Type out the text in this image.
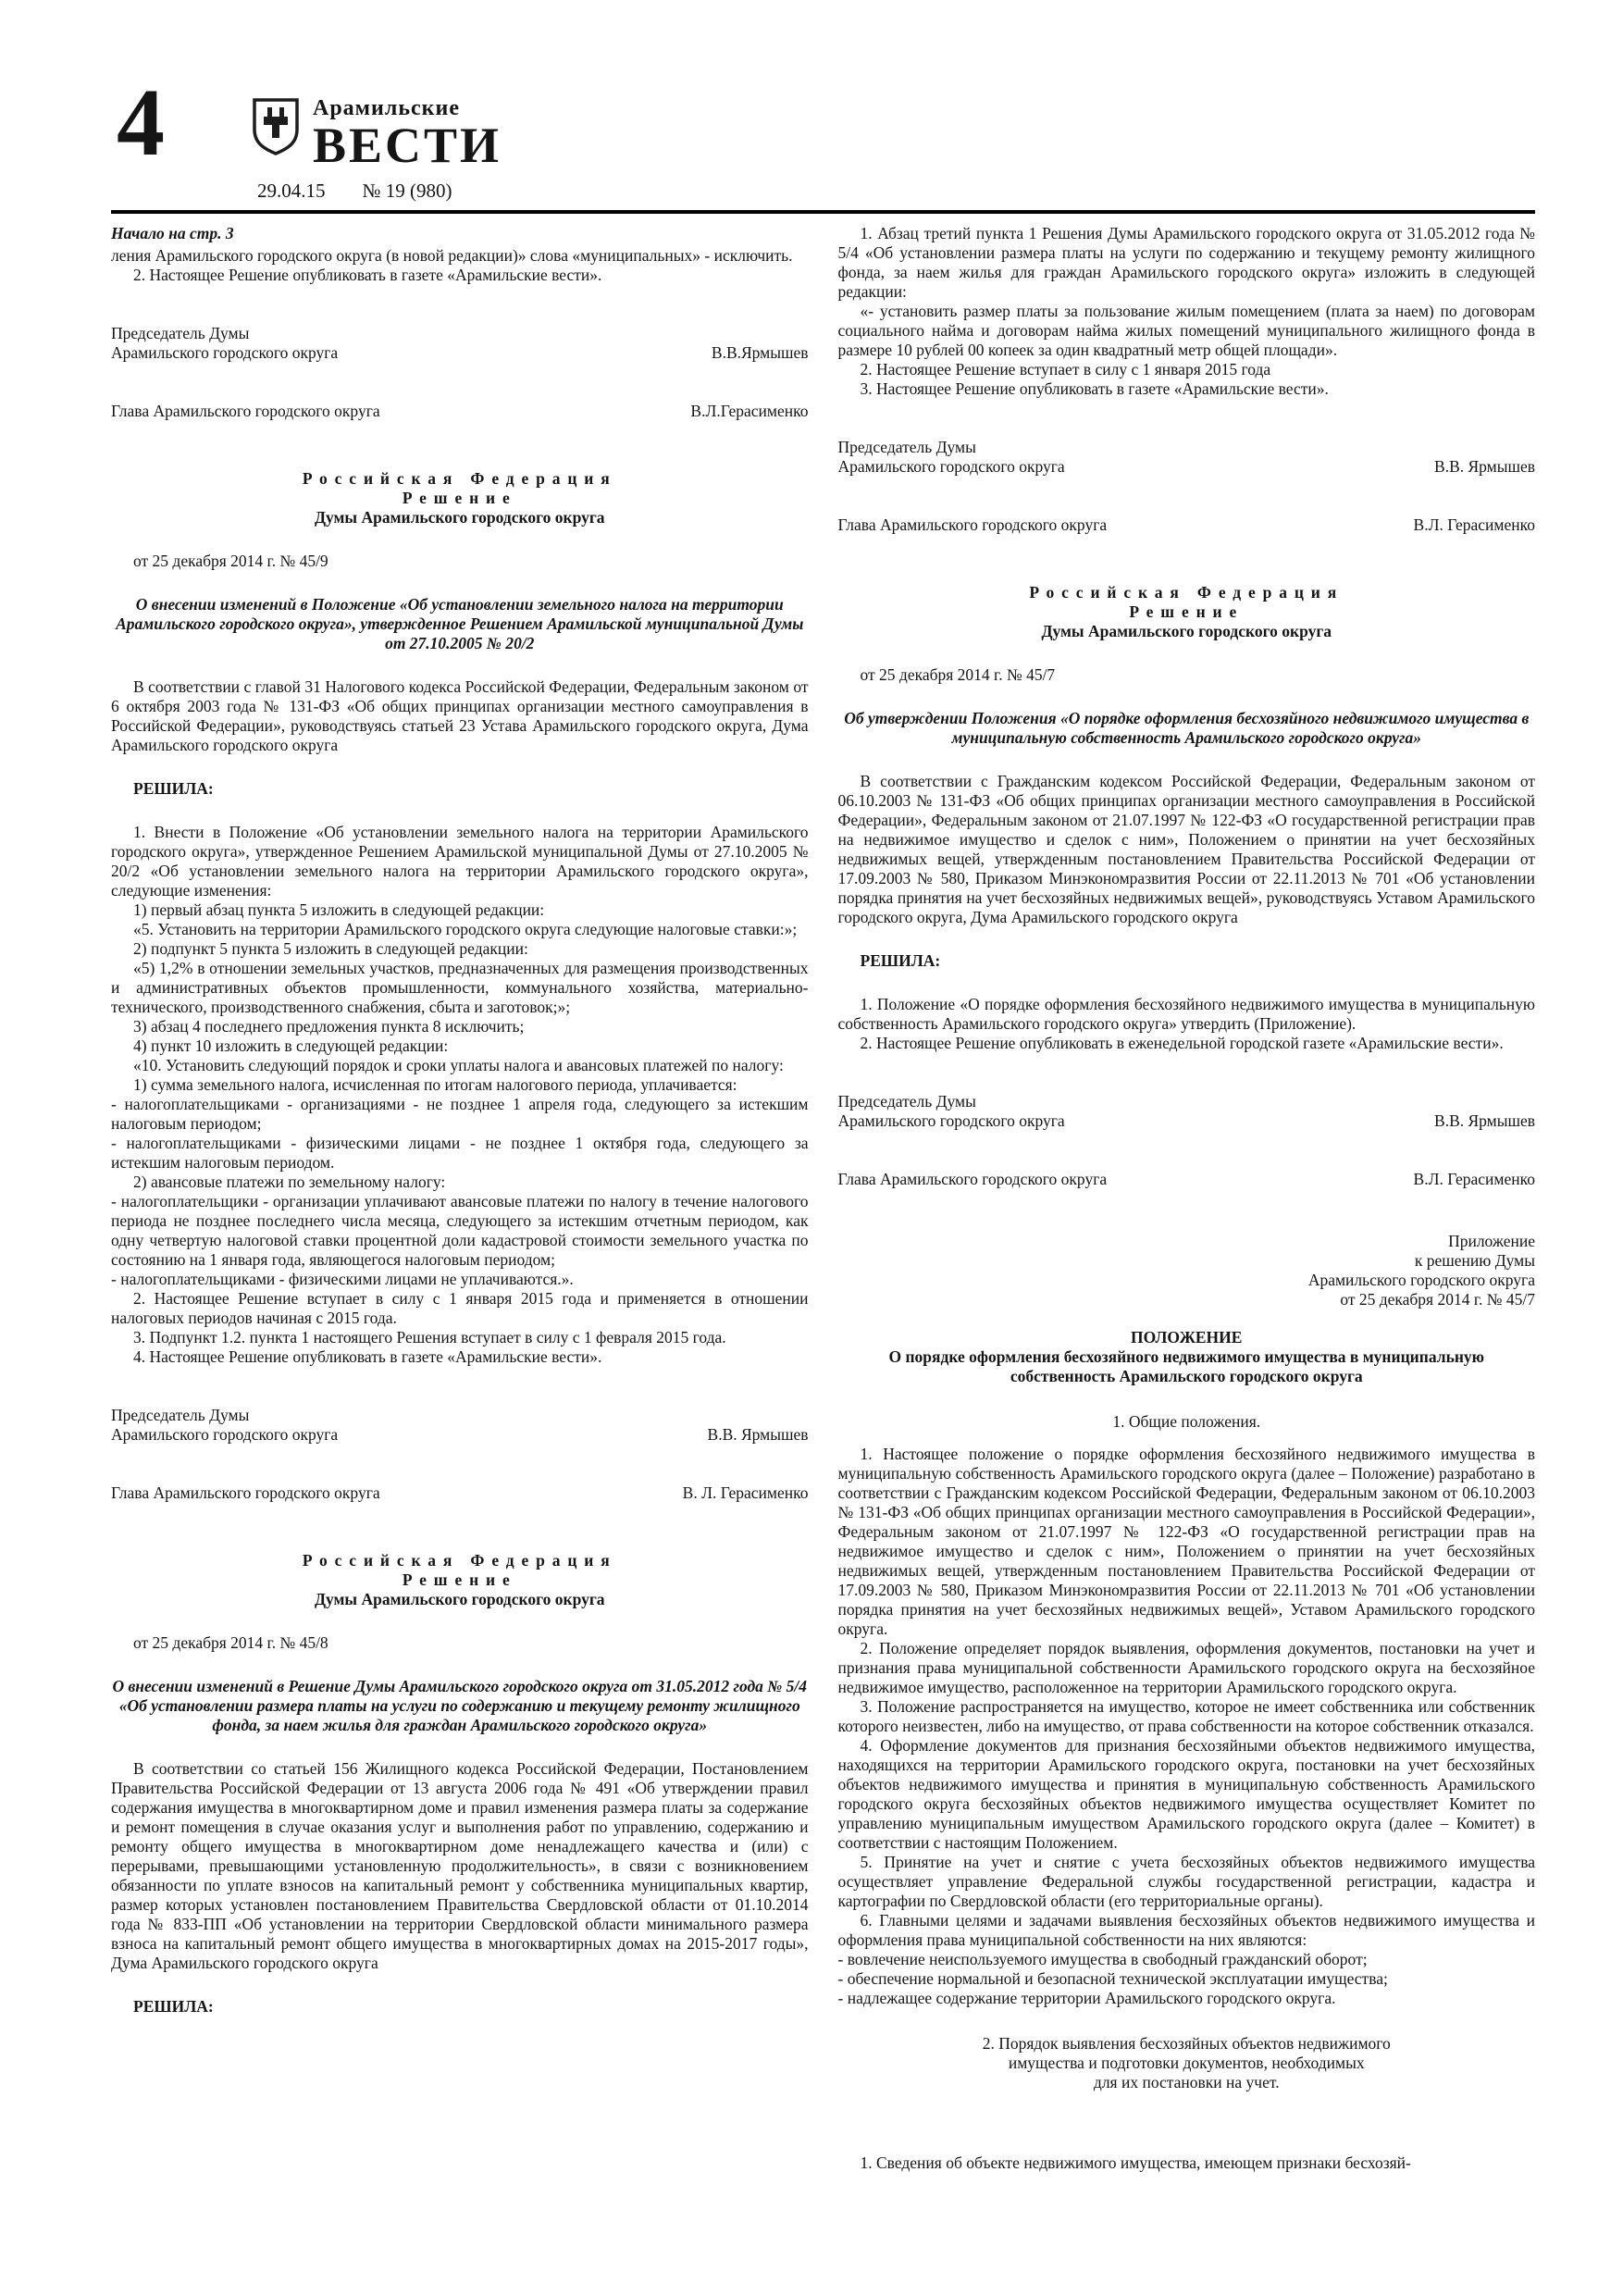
4	Арамильские
ВЕСТИ
29.04.15 № 19 (980)

Начало на стр. 3

ления Арамильского городского округа (в новой редакции)» слова «муниципальных» - исключить.

2. Настоящее Решение опубликовать в газете «Арамильские вести».

Председатель Думы
Арамильского городского округа	В.В.Ярмышев
Глава Арамильского городского округа	В.Л.Герасименко
Российская Федерация
Решение
Думы Арамильского городского округа

от 25 декабря 2014 г. № 45/9

О внесении изменений в Положение «Об установлении земельного налога на территории Арамильского городского округа», утвержденное Решением Арамильской муниципальной Думы от 27.10.2005 № 20/2

В соответствии с главой 31 Налогового кодекса Российской Федерации, Федеральным законом от 6 октября 2003 года № 131-ФЗ «Об общих принципах организации местного самоуправления в Российской Федерации», руководствуясь статьей 23 Устава Арамильского городского округа, Дума Арамильского городского округа

РЕШИЛА:

1. Внести в Положение «Об установлении земельного налога на территории Арамильского городского округа», утвержденное Решением Арамильской муниципальной Думы от 27.10.2005 № 20/2 «Об установлении земельного налога на территории Арамильского городского округа», следующие изменения:

1) первый абзац пункта 5 изложить в следующей редакции:

«5. Установить на территории Арамильского городского округа следующие налоговые ставки:»;

2) подпункт 5 пункта 5 изложить в следующей редакции:

«5) 1,2% в отношении земельных участков, предназначенных для размещения производственных и административных объектов промышленности, коммунального хозяйства, материально-технического, производственного снабжения, сбыта и заготовок;»;

3) абзац 4 последнего предложения пункта 8 исключить;

4) пункт 10 изложить в следующей редакции:

«10. Установить следующий порядок и сроки уплаты налога и авансовых платежей по налогу:

1) сумма земельного налога, исчисленная по итогам налогового периода, уплачивается:

- налогоплательщиками - организациями - не позднее 1 апреля года, следующего за истекшим налоговым периодом;

- налогоплательщиками - физическими лицами - не позднее 1 октября года, следующего за истекшим налоговым периодом.

2) авансовые платежи по земельному налогу:

- налогоплательщики - организации уплачивают авансовые платежи по налогу в течение налогового периода не позднее последнего числа месяца, следующего за истекшим отчетным периодом, как одну четвертую налоговой ставки процентной доли кадастровой стоимости земельного участка по состоянию на 1 января года, являющегося налоговым периодом;

- налогоплательщиками - физическими лицами не уплачиваются.».

2. Настоящее Решение вступает в силу с 1 января 2015 года и применяется в отношении налоговых периодов начиная с 2015 года.

3. Подпункт 1.2. пункта 1 настоящего Решения вступает в силу с 1 февраля 2015 года.

4. Настоящее Решение опубликовать в газете «Арамильские вести».

Председатель Думы
Арамильского городского округа	В.В. Ярмышев
Глава Арамильского городского округа	В. Л. Герасименко
Российская Федерация
Решение
Думы Арамильского городского округа

от 25 декабря 2014 г. № 45/8

О внесении изменений в Решение Думы Арамильского городского округа от 31.05.2012 года № 5/4 «Об установлении размера платы на услуги по содержанию и текущему ремонту жилищного фонда, за наем жилья для граждан Арамильского городского округа»

В соответствии со статьей 156 Жилищного кодекса Российской Федерации, Постановлением Правительства Российской Федерации от 13 августа 2006 года № 491 «Об утверждении правил содержания имущества в многоквартирном доме и правил изменения размера платы за содержание и ремонт помещения в случае оказания услуг и выполнения работ по управлению, содержанию и ремонту общего имущества в многоквартирном доме ненадлежащего качества и (или) с перерывами, превышающими установленную продолжительность», в связи с возникновением обязанности по уплате взносов на капитальный ремонт у собственника муниципальных квартир, размер которых установлен постановлением Правительства Свердловской области от 01.10.2014 года № 833-ПП «Об установлении на территории Свердловской области минимального размера взноса на капитальный ремонт общего имущества в многоквартирных домах на 2015-2017 годы», Дума Арамильского городского округа

РЕШИЛА:

1. Абзац третий пункта 1 Решения Думы Арамильского городского округа от 31.05.2012 года № 5/4 «Об установлении размера платы на услуги по содержанию и текущему ремонту жилищного фонда, за наем жилья для граждан Арамильского городского округа» изложить в следующей редакции:

«- установить размер платы за пользование жилым помещением (плата за наем) по договорам социального найма и договорам найма жилых помещений муниципального жилищного фонда в размере 10 рублей 00 копеек за один квадратный метр общей площади».

2. Настоящее Решение вступает в силу с 1 января 2015 года

3. Настоящее Решение опубликовать в газете «Арамильские вести».

Председатель Думы
Арамильского городского округа	В.В. Ярмышев
Глава Арамильского городского округа	В.Л. Герасименко
Российская Федерация
Решение
Думы Арамильского городского округа

от 25 декабря 2014 г. № 45/7

Об утверждении Положения «О порядке оформления бесхозяйного недвижимого имущества в муниципальную собственность Арамильского городского округа»

В соответствии с Гражданским кодексом Российской Федерации, Федеральным законом от 06.10.2003 № 131-ФЗ «Об общих принципах организации местного самоуправления в Российской Федерации», Федеральным законом от 21.07.1997 № 122-ФЗ «О государственной регистрации прав на недвижимое имущество и сделок с ним», Положением о принятии на учет бесхозяйных недвижимых вещей, утвержденным постановлением Правительства Российской Федерации от 17.09.2003 № 580, Приказом Минэкономразвития России от 22.11.2013 № 701 «Об установлении порядка принятия на учет бесхозяйных недвижимых вещей», руководствуясь Уставом Арамильского городского округа, Дума Арамильского городского округа

РЕШИЛА:

1. Положение «О порядке оформления бесхозяйного недвижимого имущества в муниципальную собственность Арамильского городского округа» утвердить (Приложение).

2. Настоящее Решение опубликовать в еженедельной городской газете «Арамильские вести».

Председатель Думы
Арамильского городского округа	В.В. Ярмышев
Глава Арамильского городского округа	В.Л. Герасименко
Приложение
к решению Думы
Арамильского городского округа
от 25 декабря 2014 г. № 45/7
ПОЛОЖЕНИЕ
О порядке оформления бесхозяйного недвижимого имущества в муниципальную собственность Арамильского городского округа
1. Общие положения.

1. Настоящее положение о порядке оформления бесхозяйного недвижимого имущества в муниципальную собственность Арамильского городского округа (далее – Положение) разработано в соответствии с Гражданским кодексом Российской Федерации, Федеральным законом от 06.10.2003 № 131-ФЗ «Об общих принципах организации местного самоуправления в Российской Федерации», Федеральным законом от 21.07.1997 № 122-ФЗ «О государственной регистрации прав на недвижимое имущество и сделок с ним», Положением о принятии на учет бесхозяйных недвижимых вещей, утвержденным постановлением Правительства Российской Федерации от 17.09.2003 № 580, Приказом Минэкономразвития России от 22.11.2013 № 701 «Об установлении порядка принятия на учет бесхозяйных недвижимых вещей», Уставом Арамильского городского округа.

2. Положение определяет порядок выявления, оформления документов, постановки на учет и признания права муниципальной собственности Арамильского городского округа на бесхозяйное недвижимое имущество, расположенное на территории Арамильского городского округа.

3. Положение распространяется на имущество, которое не имеет собственника или собственник которого неизвестен, либо на имущество, от права собственности на которое собственник отказался.

4. Оформление документов для признания бесхозяйными объектов недвижимого имущества, находящихся на территории Арамильского городского округа, постановки на учет бесхозяйных объектов недвижимого имущества и принятия в муниципальную собственность Арамильского городского округа бесхозяйных объектов недвижимого имущества осуществляет Комитет по управлению муниципальным имуществом Арамильского городского округа (далее – Комитет) в соответствии с настоящим Положением.

5. Принятие на учет и снятие с учета бесхозяйных объектов недвижимого имущества осуществляет управление Федеральной службы государственной регистрации, кадастра и картографии по Свердловской области (его территориальные органы).

6. Главными целями и задачами выявления бесхозяйных объектов недвижимого имущества и оформления права муниципальной собственности на них являются:

- вовлечение неиспользуемого имущества в свободный гражданский оборот;

- обеспечение нормальной и безопасной технической эксплуатации имущества;

- надлежащее содержание территории Арамильского городского округа.

2. Порядок выявления бесхозяйных объектов недвижимого
имущества и подготовки документов, необходимых
для их постановки на учет.

1. Сведения об объекте недвижимого имущества, имеющем признаки бесхозяй-
